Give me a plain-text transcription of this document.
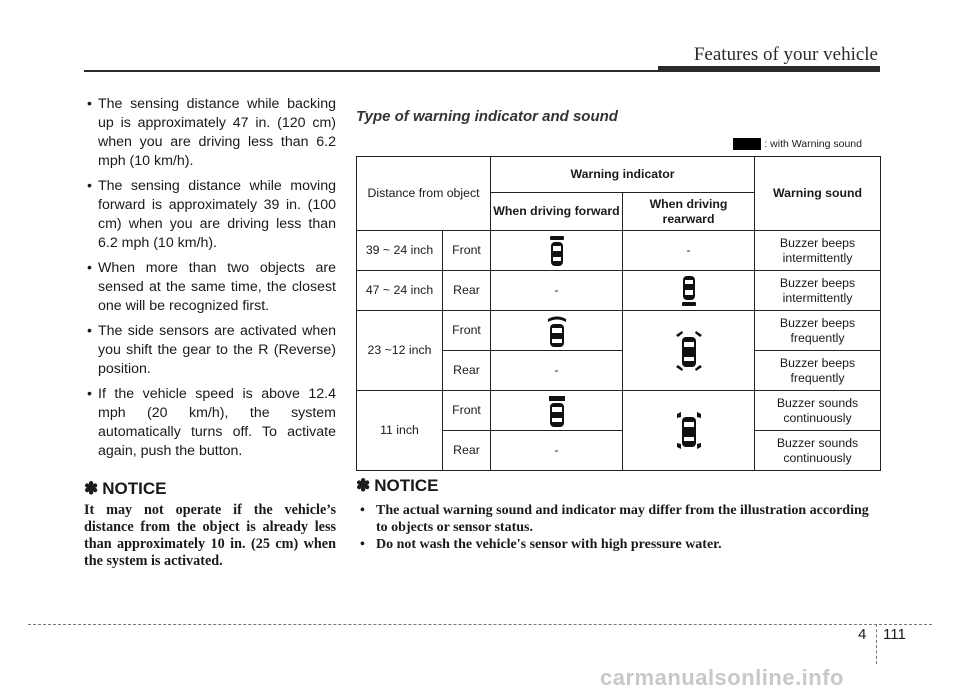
Features of your vehicle
• The sensing distance while backing up is approximately 47 in. (120 cm) when you are driving less than 6.2 mph (10 km/h).
• The sensing distance while moving forward is approximately 39 in. (100 cm) when you are driving less than 6.2 mph (10 km/h).
• When more than two objects are sensed at the same time, the closest one will be recognized first.
• The side sensors are activated when you shift the gear to the R (Reverse) position.
• If the vehicle speed is above 12.4 mph (20 km/h), the system automatically turns off. To activate again, push the button.
✽ NOTICE
It may not operate if the vehicle’s distance from the object is already less than approximately 10 in. (25 cm) when the system is activated.
Type of warning indicator and sound
: with Warning sound
Distance from object		Warning indicator		Warning sound
		When driving forward	When driving rearward	
39 ~ 24 inch	Front		-	Buzzer beeps intermittently
47 ~ 24 inch	Rear	-		Buzzer beeps intermittently
23 ~12 inch	Front			Buzzer beeps frequently
	Rear	-		Buzzer beeps frequently
11 inch	Front			Buzzer sounds continuously
	Rear	-		Buzzer sounds continuously
✽ NOTICE
• The actual warning sound and indicator may differ from the illustration according to objects or sensor status.
• Do not wash the vehicle's sensor with high pressure water.
4 111
carmanualsonline.info
